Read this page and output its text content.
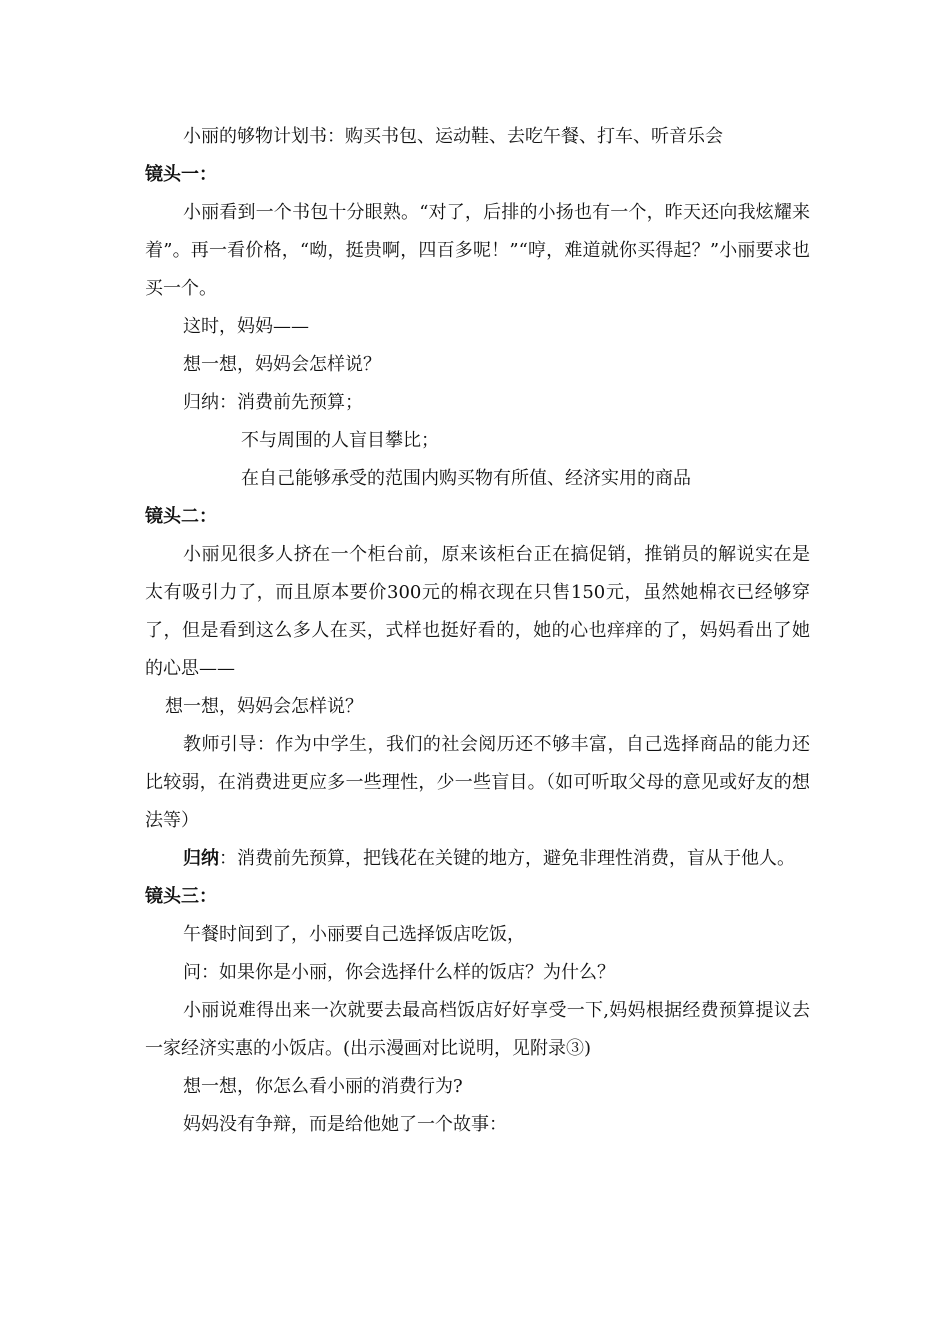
小丽的够物计划书：购买书包、运动鞋、去吃午餐、打车、听音乐会

镜头一：

小丽看到一个书包十分眼熟。“对了，后排的小扬也有一个，昨天还向我炫耀来着”。再一看价格，“呦，挺贵啊，四百多呢！”“哼，难道就你买得起？”小丽要求也买一个。

这时，妈妈——

想一想，妈妈会怎样说？

归纳：消费前先预算；

不与周围的人盲目攀比；

在自己能够承受的范围内购买物有所值、经济实用的商品

镜头二：

小丽见很多人挤在一个柜台前，原来该柜台正在搞促销，推销员的解说实在是太有吸引力了，而且原本要价300元的棉衣现在只售150元，虽然她棉衣已经够穿了，但是看到这么多人在买，式样也挺好看的，她的心也痒痒的了，妈妈看出了她的心思——

想一想，妈妈会怎样说？

教师引导：作为中学生，我们的社会阅历还不够丰富，自己选择商品的能力还比较弱，在消费进更应多一些理性，少一些盲目。（如可听取父母的意见或好友的想法等）

归纳：消费前先预算，把钱花在关键的地方，避免非理性消费，盲从于他人。

镜头三：

午餐时间到了，小丽要自己选择饭店吃饭，

问：如果你是小丽，你会选择什么样的饭店？为什么？

小丽说难得出来一次就要去最高档饭店好好享受一下,妈妈根据经费预算提议去一家经济实惠的小饭店。(出示漫画对比说明，见附录③)

想一想，你怎么看小丽的消费行为?

妈妈没有争辩，而是给他她了一个故事：
